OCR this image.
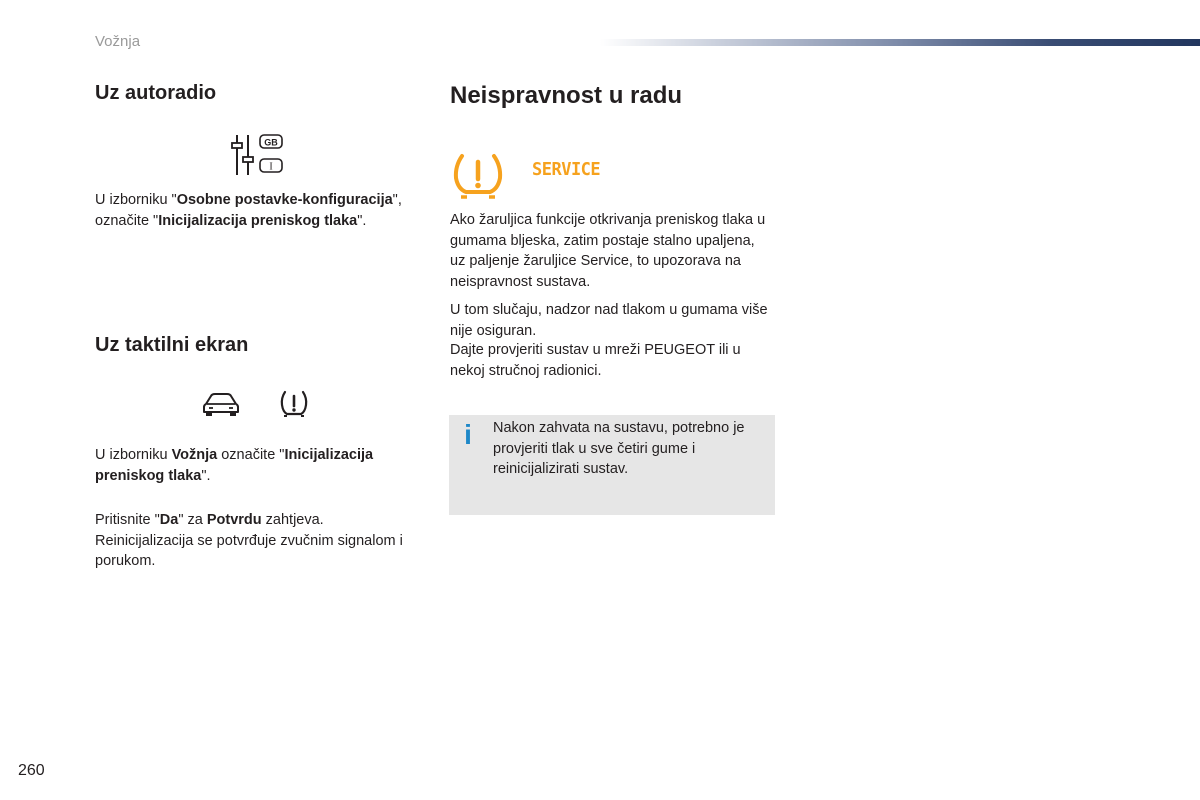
Vožnja
Uz autoradio
GB
I

U izborniku "Osobne postavke-konfiguracija", označite "Inicijalizacija preniskog tlaka".

Uz taktilni ekran

U izborniku Vožnja označite "Inicijalizacija preniskog tlaka".

Pritisnite "Da" za Potvrdu zahtjeva. Reinicijalizacija se potvrđuje zvučnim signalom i porukom.

Neispravnost u radu
SERVICE

Ako žaruljica funkcije otkrivanja preniskog tlaka u gumama bljeska, zatim postaje stalno upaljena, uz paljenje žaruljice Service, to upozorava na neispravnost sustava.

U tom slučaju, nadzor nad tlakom u gumama više nije osiguran.

Dajte provjeriti sustav u mreži PEUGEOT ili u nekoj stručnoj radionici.

i Nakon zahvata na sustavu, potrebno je provjeriti tlak u sve četiri gume i reinicijalizirati sustav.

260
